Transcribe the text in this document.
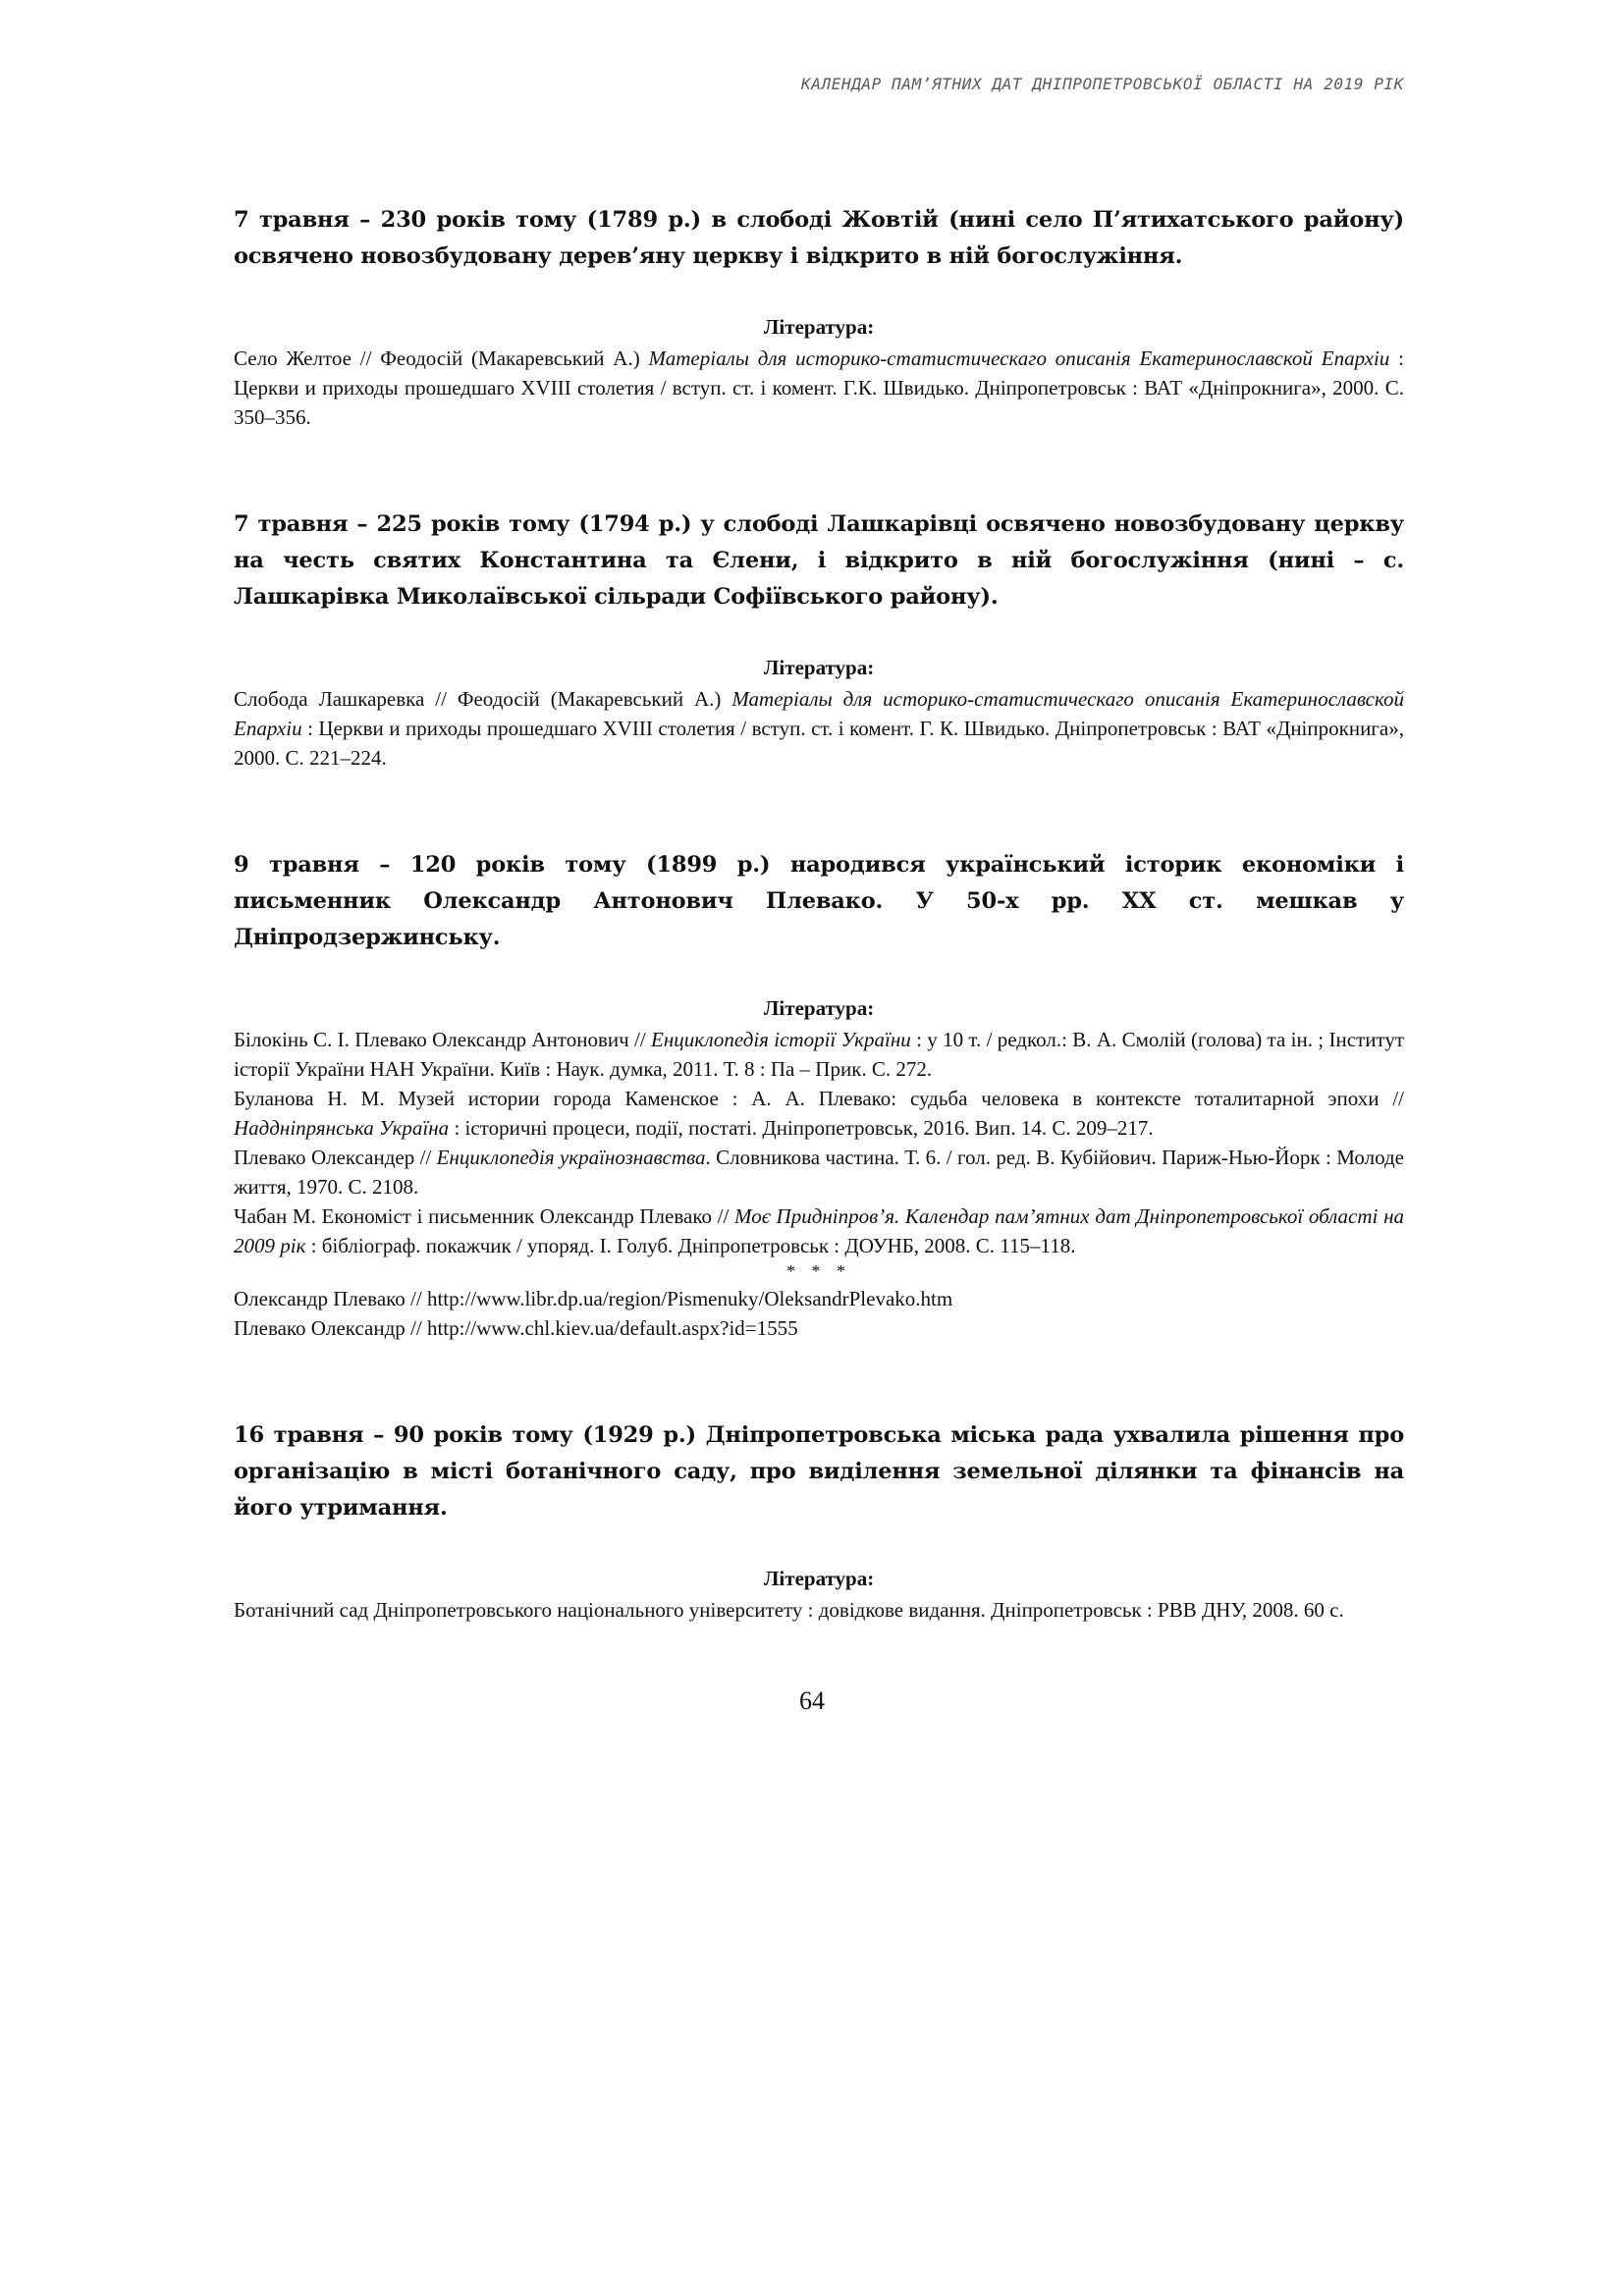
КАЛЕНДАР ПАМ’ЯТНИХ ДАТ ДНІПРОПЕТРОВСЬКОЇ ОБЛАСТІ НА 2019 РІК

7 травня – 230 років тому (1789 р.) в слободі Жовтій (нині село П’ятихатського району) освячено новозбудовану дерев’яну церкву і відкрито в ній богослужіння.

Література:

Село Желтое // Феодосій (Макаревський А.) Матеріалы для историко-статистическаго описанія Екатеринославской Епархіи : Церкви и приходы прошедшаго XVIII столетия / вступ. ст. і комент. Г.К. Швидько. Дніпропетровськ : ВАТ «Дніпрокнига», 2000. С. 350–356.

7 травня – 225 років тому (1794 р.) у слободі Лашкарівці освячено новозбудовану церкву на честь святих Константина та Єлени, і відкрито в ній богослужіння (нині – с. Лашкарівка Миколаївської сільради Софіївського району).

Література:

Слобода Лашкаревка // Феодосій (Макаревський А.) Матеріалы для историко-статистическаго описанія Екатеринославской Епархіи : Церкви и приходы прошедшаго XVIII столетия / вступ. ст. і комент. Г. К. Швидько. Дніпропетровськ : ВАТ «Дніпрокнига», 2000. С. 221–224.

9 травня – 120 років тому (1899 р.) народився український історик економіки і письменник Олександр Антонович Плевако. У 50-х рр. XX ст. мешкав у Дніпродзержинську.

Література:

Білокінь С. І. Плевако Олександр Антонович // Енциклопедія історії України : у 10 т. / редкол.: В. А. Смолій (голова) та ін. ; Інститут історії України НАН України. Київ : Наук. думка, 2011. Т. 8 : Па – Прик. С. 272.

Буланова Н. М. Музей истории города Каменское : А. А. Плевако: судьба человека в контексте тоталитарной эпохи // Наддніпрянська Україна : історичні процеси, події, постаті. Дніпропетровськ, 2016. Вип. 14. С. 209–217.

Плевако Олександер // Енциклопедія українознавства. Словникова частина. Т. 6. / гол. ред. В. Кубійович. Париж-Нью-Йорк : Молоде життя, 1970. С. 2108.

Чабан М. Економіст і письменник Олександр Плевако // Моє Придніпров’я. Календар пам’ятних дат Дніпропетровської області на 2009 рік : бібліограф. покажчик / упоряд. І. Голуб. Дніпропетровськ : ДОУНБ, 2008. С. 115–118.

* * *

Олександр Плевако // http://www.libr.dp.ua/region/Pismenuky/OleksandrPlevako.htm

Плевако Олександр // http://www.chl.kiev.ua/default.aspx?id=1555

16 травня – 90 років тому (1929 р.) Дніпропетровська міська рада ухвалила рішення про організацію в місті ботанічного саду, про виділення земельної ділянки та фінансів на його утримання.

Література:

Ботанічний сад Дніпропетровського національного університету : довідкове видання. Дніпропетровськ : РВВ ДНУ, 2008. 60 с.

64
